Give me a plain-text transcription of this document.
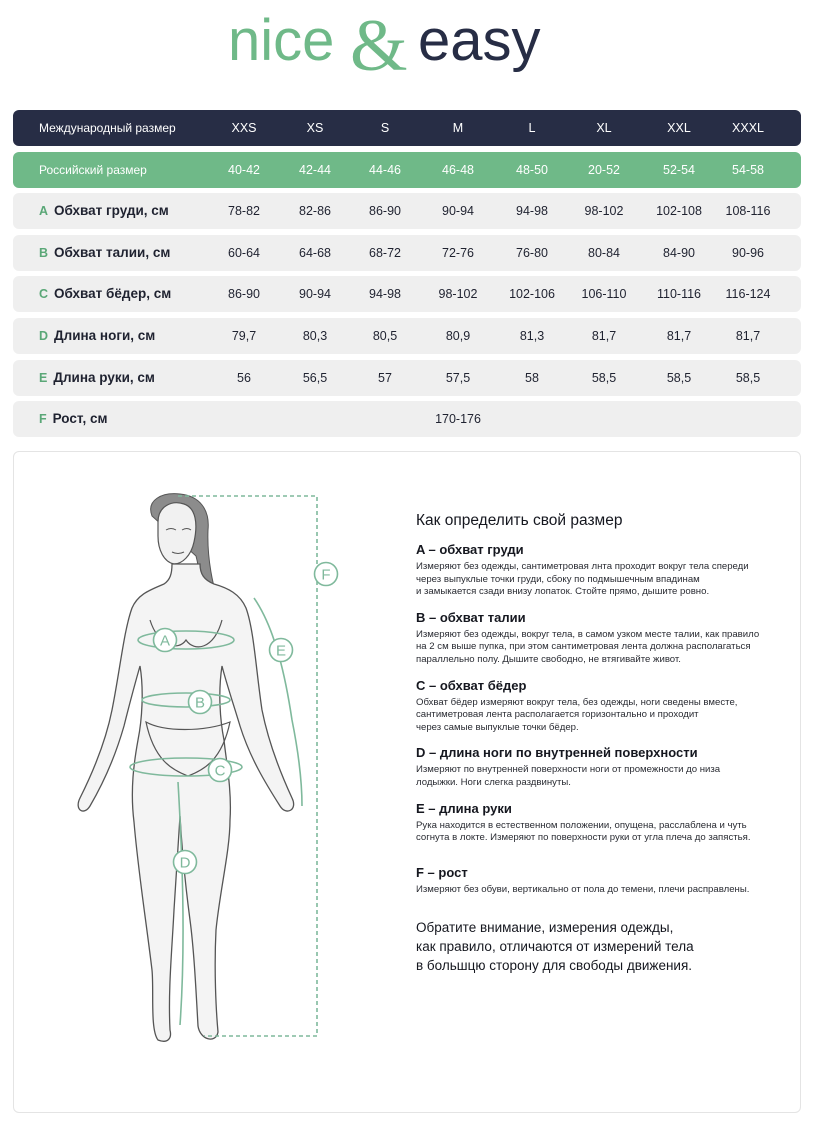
nice & easy
Международный размер	XXS	XS	S	M	L	XL	XXL	XXXL
Российский размер	40-42	42-44	44-46	46-48	48-50	20-52	52-54	54-58
A Обхват груди, см	78-82	82-86	86-90	90-94	94-98	98-102	102-108	108-116
B Обхват талии, см	60-64	64-68	68-72	72-76	76-80	80-84	84-90	90-96
C Обхват бёдер, см	86-90	90-94	94-98	98-102	102-106	106-110	110-116	116-124
D Длина ноги, см	79,7	80,3	80,5	80,9	81,3	81,7	81,7	81,7
E Длина руки, см	56	56,5	57	57,5	58	58,5	58,5	58,5
F Рост, см	170-176
A
B
C
D
E
F
Как определить свой размер
A – обхват груди

Измеряют без одежды, сантиметровая лнта проходит вокруг тела спереди
через выпуклые точки груди, сбоку по подмышечным впадинам
и замыкается сзади внизу лопаток. Стойте прямо, дышите ровно.

B – обхват талии

Измеряют без одежды, вокруг тела, в самом узком месте талии, как правило
на 2 см выше пупка, при этом сантиметровая лента должна располагаться
параллельно полу. Дышите свободно, не втягивайте живот.

C – обхват бёдер

Обхват бёдер измеряют вокруг тела, без одежды, ноги сведены вместе,
сантиметровая лента располагается горизонтально и проходит
через самые выпуклые точки бёдер.

D – длина ноги по внутренней поверхности

Измеряют по внутренней поверхности ноги от промежности до низа
лодыжки. Ноги слегка раздвинуты.

E – длина руки

Рука находится в естественном положении, опущена, расслаблена и чуть
согнута в локте. Измеряют по поверхности руки от угла плеча до запястья.

F – рост

Измеряют без обуви, вертикально от пола до темени, плечи расправлены.

Обратите внимание, измерения одежды,
как правило, отличаются от измерений тела
в большцю сторону для свободы движения.
